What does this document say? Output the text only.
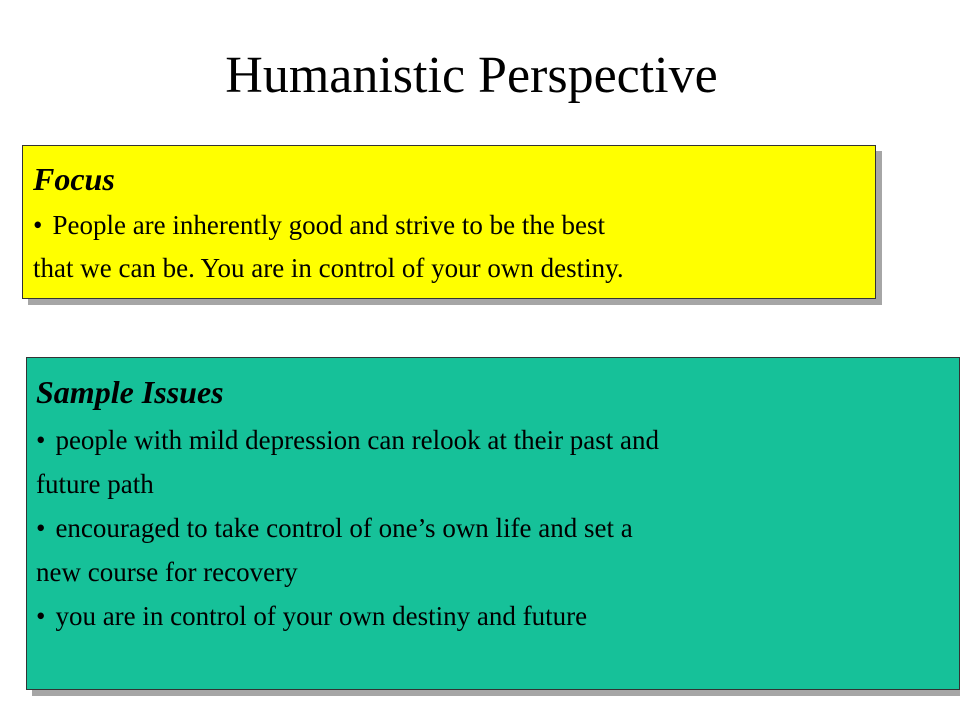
Humanistic Perspective
Focus
• People are inherently good and strive to be the best
that we can be. You are in control of your own destiny.
Sample Issues
• people with mild depression can relook at their past and
future path
• encouraged to take control of one’s own life and set a
new course for recovery
• you are in control of your own destiny and future
